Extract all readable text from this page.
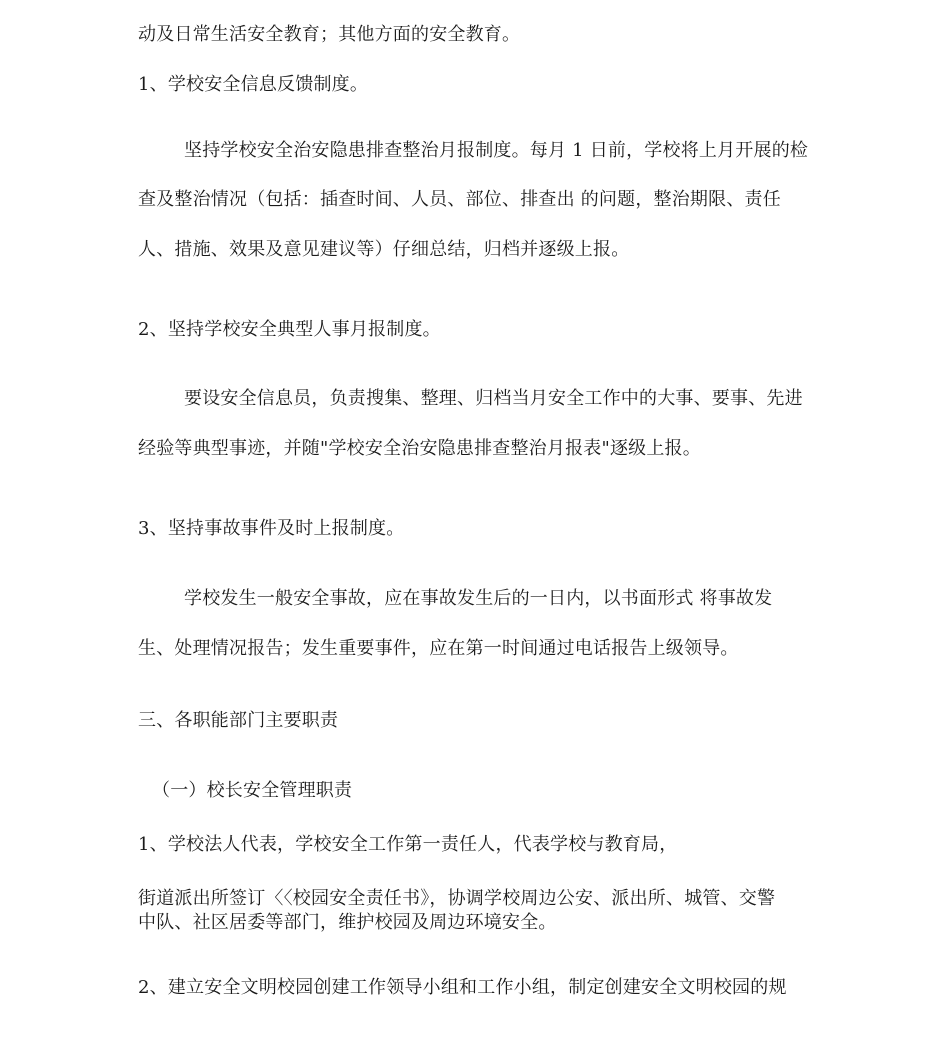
动及日常生活安全教育；其他方面的安全教育。
1、学校安全信息反馈制度。
坚持学校安全治安隐患排查整治月报制度。每月 1 日前，学校将上月开展的检
查及整治情况（包括：插查时间、人员、部位、排查出 的问题，整治期限、责任
人、措施、效果及意见建议等）仔细总结，归档并逐级上报。
2、坚持学校安全典型人事月报制度。
要设安全信息员，负责搜集、整理、归档当月安全工作中的大事、要事、先进
经验等典型事迹，并随"学校安全治安隐患排查整治月报表"逐级上报。
3、坚持事故事件及时上报制度。
学校发生一般安全事故，应在事故发生后的一日内，以书面形式 将事故发
生、处理情况报告；发生重要事件，应在第一时间通过电话报告上级领导。
三、各职能部门主要职责
（一）校长安全管理职责
1、学校法人代表，学校安全工作第一责任人，代表学校与教育局，
街道派出所签订〈〈校园安全责任书》，协调学校周边公安、派出所、城管、交警
中队、社区居委等部门，维护校园及周边环境安全。
2、建立安全文明校园创建工作领导小组和工作小组，制定创建安全文明校园的规
